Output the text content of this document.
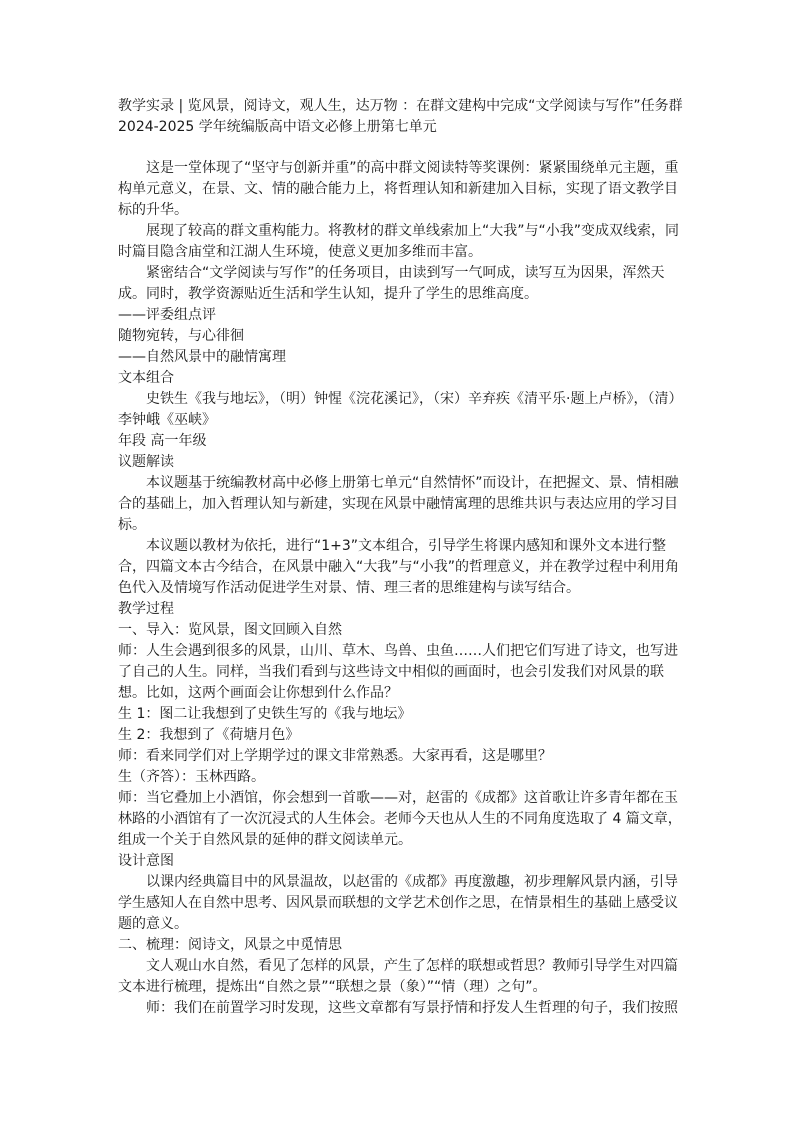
教学实录 | 览风景，阅诗文，观人生，达万物 ：在群文建构中完成“文学阅读与写作”任务群 2024-2025 学年统编版高中语文必修上册第七单元

这是一堂体现了“坚守与创新并重”的高中群文阅读特等奖课例：紧紧围绕单元主题，重构单元意义，在景、文、情的融合能力上，将哲理认知和新建加入目标，实现了语文教学目标的升华。

展现了较高的群文重构能力。将教材的群文单线索加上“大我”与“小我”变成双线索，同时篇目隐含庙堂和江湖人生环境，使意义更加多维而丰富。

紧密结合“文学阅读与写作”的任务项目，由读到写一气呵成，读写互为因果，浑然天成。同时，教学资源贴近生活和学生认知，提升了学生的思维高度。

——评委组点评

随物宛转，与心徘徊

——自然风景中的融情寓理

文本组合

史铁生《我与地坛》，（明）钟惺《浣花溪记》，（宋）辛弃疾《清平乐·题上卢桥》，（清）李钟峨《巫峡》

年段 高一年级

议题解读

本议题基于统编教材高中必修上册第七单元“自然情怀”而设计，在把握文、景、情相融合的基础上，加入哲理认知与新建，实现在风景中融情寓理的思维共识与表达应用的学习目标。

本议题以教材为依托，进行“1+3”文本组合，引导学生将课内感知和课外文本进行整合，四篇文本古今结合，在风景中融入“大我”与“小我”的哲理意义，并在教学过程中利用角色代入及情境写作活动促进学生对景、情、理三者的思维建构与读写结合。

教学过程

一、导入：览风景，图文回顾入自然

师：人生会遇到很多的风景，山川、草木、鸟兽、虫鱼……人们把它们写进了诗文，也写进了自己的人生。同样，当我们看到与这些诗文中相似的画面时，也会引发我们对风景的联想。比如，这两个画面会让你想到什么作品？

生 1：图二让我想到了史铁生写的《我与地坛》

生 2：我想到了《荷塘月色》

师：看来同学们对上学期学过的课文非常熟悉。大家再看，这是哪里？

生（齐答）：玉林西路。

师：当它叠加上小酒馆，你会想到一首歌——对，赵雷的《成都》这首歌让许多青年都在玉林路的小酒馆有了一次沉浸式的人生体会。老师今天也从人生的不同角度选取了 4 篇文章，组成一个关于自然风景的延伸的群文阅读单元。

设计意图

以课内经典篇目中的风景温故，以赵雷的《成都》再度激趣，初步理解风景内涵，引导学生感知人在自然中思考、因风景而联想的文学艺术创作之思，在情景相生的基础上感受议题的意义。

二、梳理：阅诗文，风景之中觅情思

文人观山水自然，看见了怎样的风景，产生了怎样的联想或哲思？教师引导学生对四篇文本进行梳理，提炼出“自然之景”“联想之景（象）”“情（理）之句”。

师：我们在前置学习时发现，这些文章都有写景抒情和抒发人生哲理的句子，我们按照
